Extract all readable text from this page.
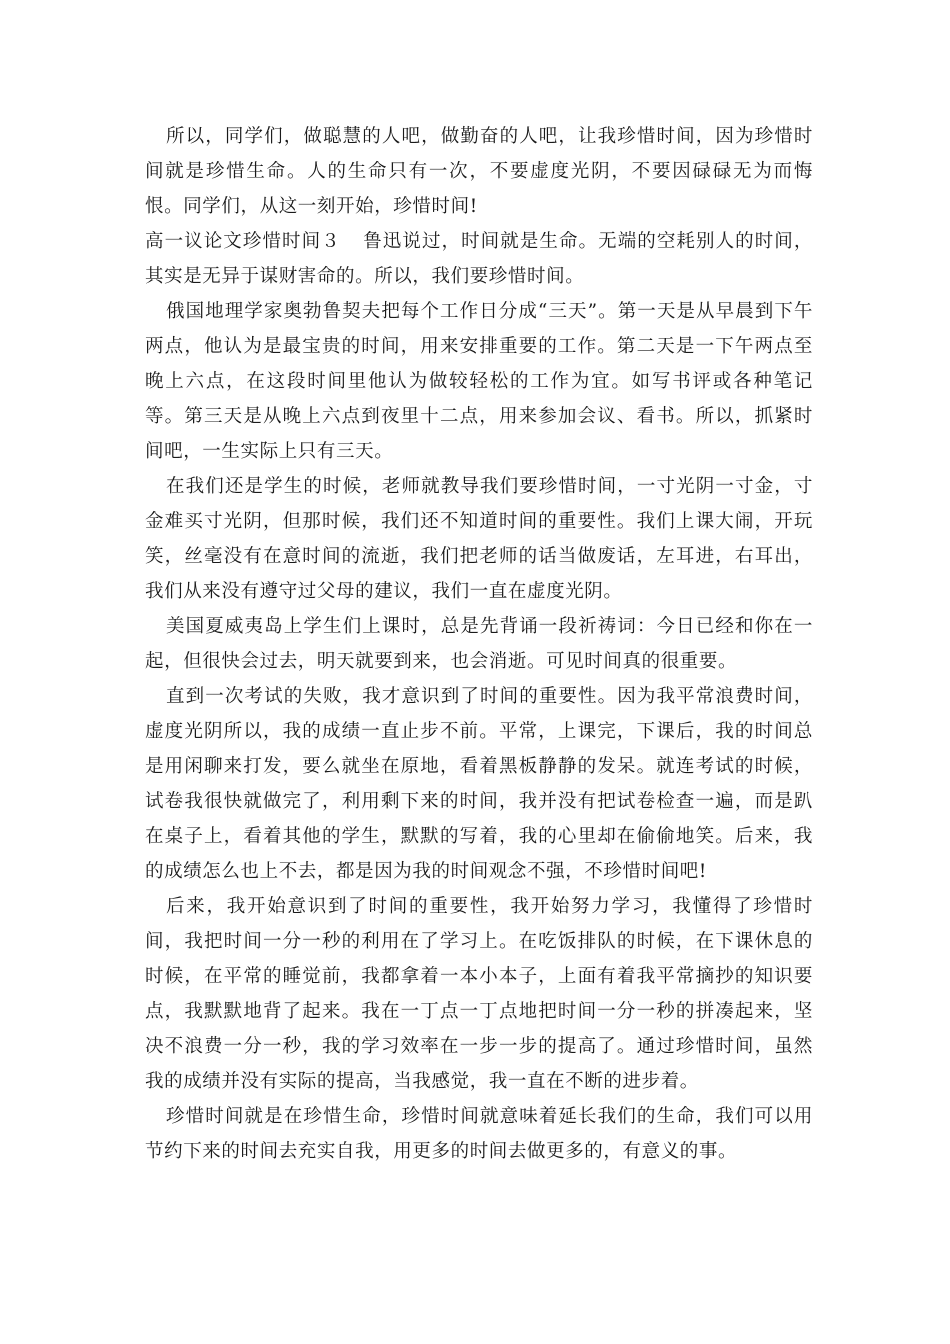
所以，同学们，做聪慧的人吧，做勤奋的人吧，让我珍惜时间，因为珍惜时间就是珍惜生命。人的生命只有一次，不要虚度光阴，不要因碌碌无为而悔恨。同学们，从这一刻开始，珍惜时间!

高一议论文珍惜时间３ 鲁迅说过，时间就是生命。无端的空耗别人的时间，其实是无异于谋财害命的。所以，我们要珍惜时间。

俄国地理学家奥勃鲁契夫把每个工作日分成“三天”。第一天是从早晨到下午两点，他认为是最宝贵的时间，用来安排重要的工作。第二天是一下午两点至晚上六点，在这段时间里他认为做较轻松的工作为宜。如写书评或各种笔记等。第三天是从晚上六点到夜里十二点，用来参加会议、看书。所以，抓紧时间吧，一生实际上只有三天。

在我们还是学生的时候，老师就教导我们要珍惜时间，一寸光阴一寸金，寸金难买寸光阴，但那时候，我们还不知道时间的重要性。我们上课大闹，开玩笑，丝毫没有在意时间的流逝，我们把老师的话当做废话，左耳进，右耳出，我们从来没有遵守过父母的建议，我们一直在虚度光阴。

美国夏威夷岛上学生们上课时，总是先背诵一段祈祷词：今日已经和你在一起，但很快会过去，明天就要到来，也会消逝。可见时间真的很重要。

直到一次考试的失败，我才意识到了时间的重要性。因为我平常浪费时间，虚度光阴所以，我的成绩一直止步不前。平常，上课完，下课后，我的时间总是用闲聊来打发，要么就坐在原地，看着黑板静静的发呆。就连考试的时候，试卷我很快就做完了，利用剩下来的时间，我并没有把试卷检查一遍，而是趴在桌子上，看着其他的学生，默默的写着，我的心里却在偷偷地笑。后来，我的成绩怎么也上不去，都是因为我的时间观念不强，不珍惜时间吧!

后来，我开始意识到了时间的重要性，我开始努力学习，我懂得了珍惜时间，我把时间一分一秒的利用在了学习上。在吃饭排队的时候，在下课休息的时候，在平常的睡觉前，我都拿着一本小本子，上面有着我平常摘抄的知识要点，我默默地背了起来。我在一丁点一丁点地把时间一分一秒的拼凑起来，坚决不浪费一分一秒，我的学习效率在一步一步的提高了。通过珍惜时间，虽然我的成绩并没有实际的提高，当我感觉，我一直在不断的进步着。

珍惜时间就是在珍惜生命，珍惜时间就意味着延长我们的生命，我们可以用节约下来的时间去充实自我，用更多的时间去做更多的，有意义的事。
